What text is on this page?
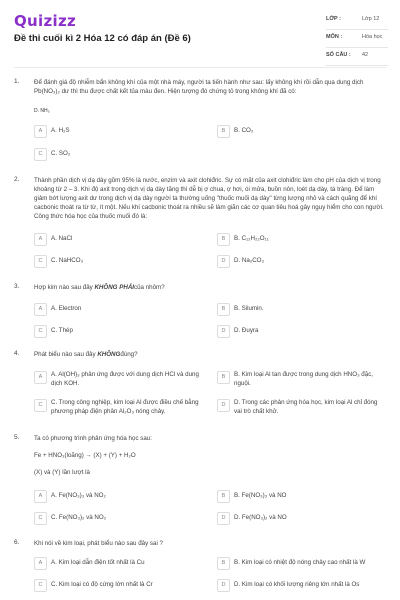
Quizizz
Đề thi cuối kì 2 Hóa 12 có đáp án (Đề 6)
LỚP :	Lớp 12
MÔN :	Hóa học
SỐ CÂU : 42
1. Để đánh giá độ nhiễm bẩn không khí của một nhà máy, người ta tiến hành như sau: lấy không khí rồi dẫn qua dung dịch Pb(NO₃)₂ dư thì thu được chất kết tủa màu đen. Hiện tượng đó chứng tỏ trong không khí đã có:
D. NH₃
A	A. H₂S	B	B. CO₂
C	C. SO₂
2. Thành phần dịch vị dạ dày gồm 95% là nước, enzim và axit clohiđric. Sự có mặt của axit clohiđric làm cho pH của dịch vị trong khoảng từ 2 – 3. Khi độ axit trong dịch vị dạ dày tăng thì dễ bị ợ chua, ợ hơi, ói mửa, buồn nôn, loét dạ dày, tá tràng. Để làm giảm bớt lượng axit dư trong dịch vị dạ dày người ta thường uống "thuốc muối dạ dày" từng lượng nhỏ và cách quãng để khí cacbonic thoát ra từ từ, ít một. Nếu khí cacbonic thoát ra nhiều sẽ làm giãn các cơ quan tiêu hoá gây nguy hiểm cho con người. Công thức hóa học của thuốc muối đó là:
A	A. NaCl	B	B. C₁₂H₂₂O₁₁
C	C. NaHCO₃	D	D. Na₂CO₃
3. Hợp kim nào sau đây KHÔNG PHẢIcủa nhôm?
A	A. Electron	B	B. Silumin.
C	C. Thép	D	D. Đuyra
4. Phát biểu nào sau đây KHÔNGđúng?
A	A. Al(OH)₃ phản ứng được với dung dịch HCl và dung dịch KOH.
B	B. Kim loại Al tan được trong dung dịch HNO₃ đặc, nguội.
C	C. Trong công nghiệp, kim loại Al được điều chế bằng phương pháp điện phân Al₂O₃ nóng chảy.
D	D. Trong các phản ứng hóa học, kim loại Al chỉ đóng vai trò chất khử.
5. Ta có phương trình phản ứng hóa học sau:
Fe + HNO₃(loãng) → (X) + (Y) + H₂O
(X) và (Y) lần lượt là
A	A. Fe(NO₃)₃ và NO₂	B	B. Fe(NO₃)₃ và NO
C	C. Fe(NO₃)₂ và NO₂	D	D. Fe(NO₃)₂ và NO
6. Khi nói về kim loại, phát biểu nào sau đây sai ?
A	A. Kim loại dẫn điện tốt nhất là Cu	B	B. Kim loại có nhiệt độ nóng chảy cao nhất là W
C	C. Kim loại có độ cứng lớn nhất là Cr	D	D. Kim loại có khối lượng riêng lớn nhất là Os
